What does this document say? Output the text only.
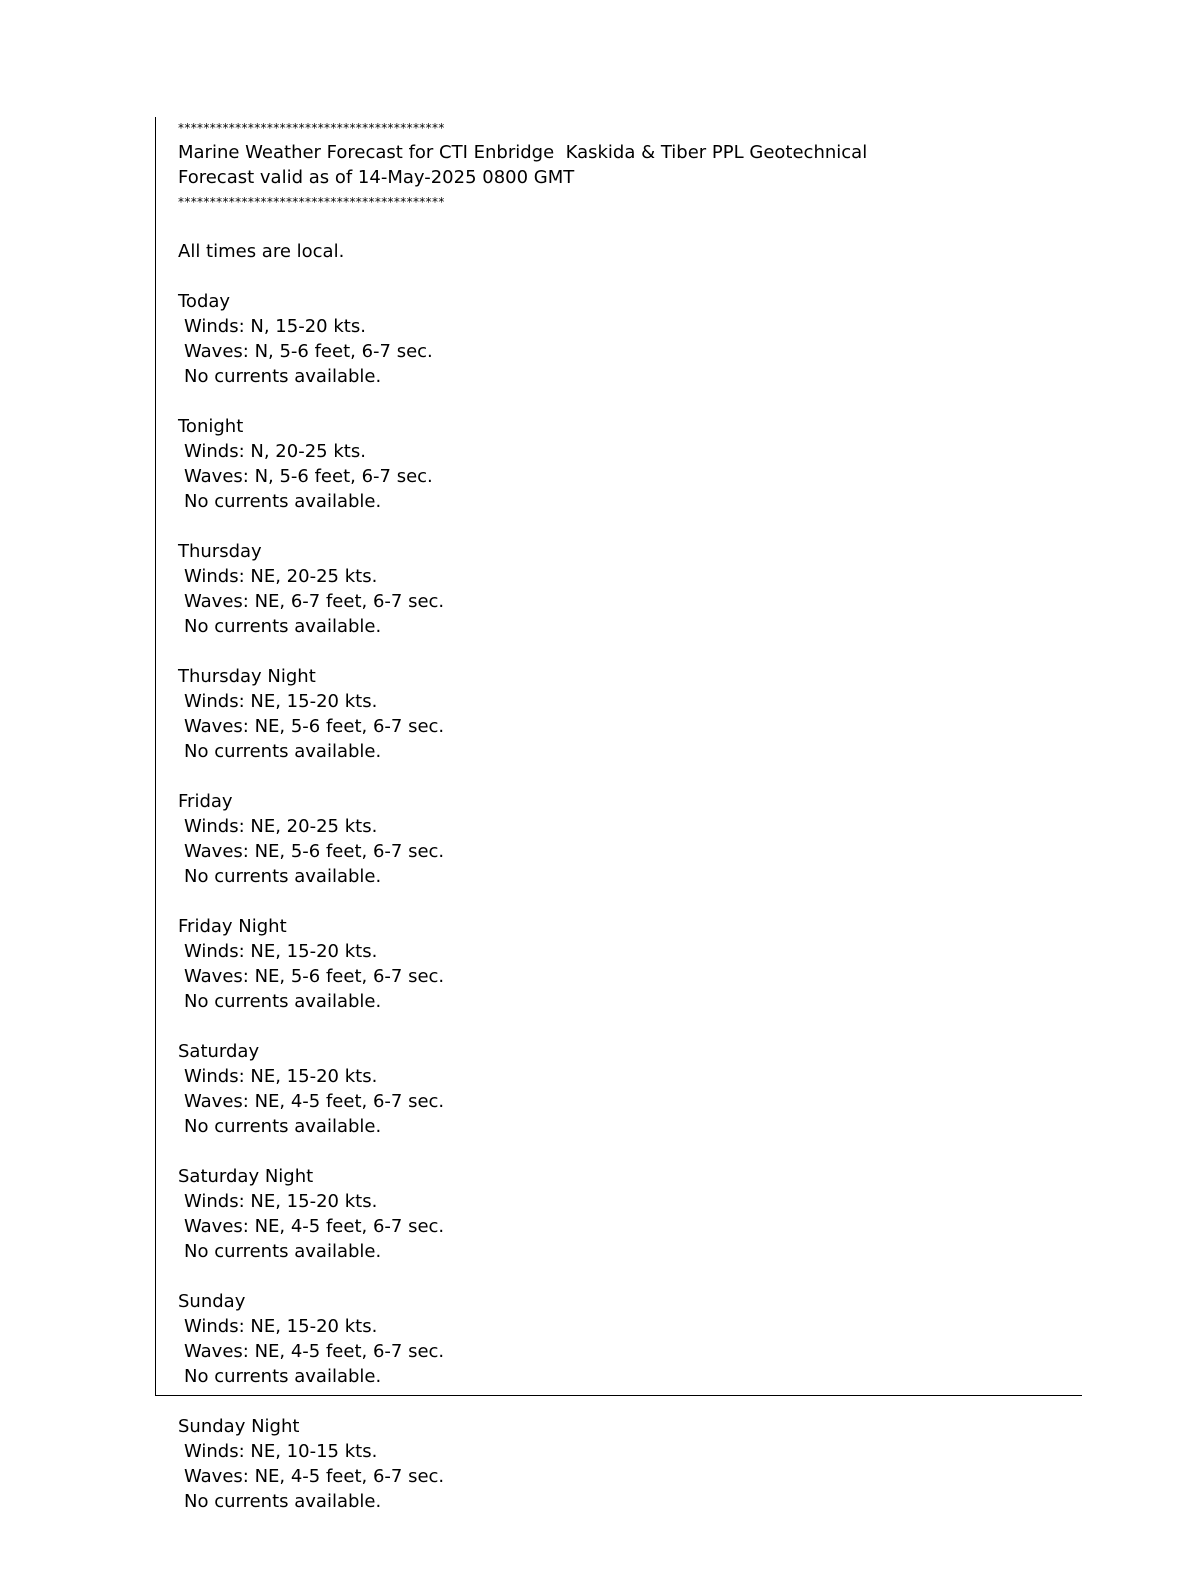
******************************************
Marine Weather Forecast for CTI Enbridge  Kaskida & Tiber PPL Geotechnical
Forecast valid as of 14-May-2025 0800 GMT
******************************************
All times are local.
Today
Winds: N, 15-20 kts.
Waves: N, 5-6 feet, 6-7 sec.
No currents available.
Tonight
Winds: N, 20-25 kts.
Waves: N, 5-6 feet, 6-7 sec.
No currents available.
Thursday
Winds: NE, 20-25 kts.
Waves: NE, 6-7 feet, 6-7 sec.
No currents available.
Thursday Night
Winds: NE, 15-20 kts.
Waves: NE, 5-6 feet, 6-7 sec.
No currents available.
Friday
Winds: NE, 20-25 kts.
Waves: NE, 5-6 feet, 6-7 sec.
No currents available.
Friday Night
Winds: NE, 15-20 kts.
Waves: NE, 5-6 feet, 6-7 sec.
No currents available.
Saturday
Winds: NE, 15-20 kts.
Waves: NE, 4-5 feet, 6-7 sec.
No currents available.
Saturday Night
Winds: NE, 15-20 kts.
Waves: NE, 4-5 feet, 6-7 sec.
No currents available.
Sunday
Winds: NE, 15-20 kts.
Waves: NE, 4-5 feet, 6-7 sec.
No currents available.
Sunday Night
Winds: NE, 10-15 kts.
Waves: NE, 4-5 feet, 6-7 sec.
No currents available.
